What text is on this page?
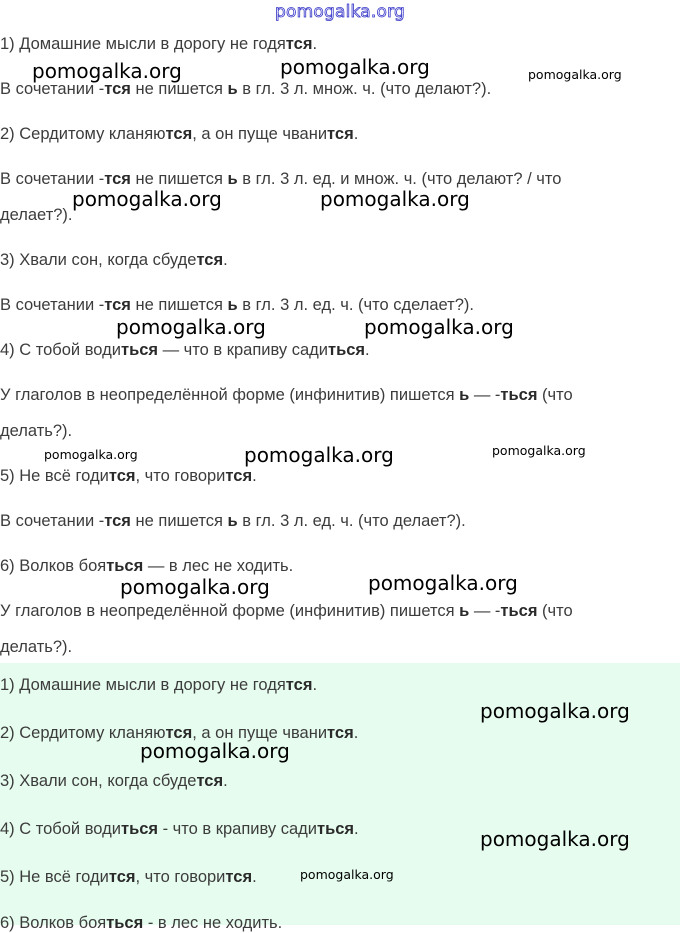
pomogalka.org
1) Домашние мысли в дорогу не годятся.
В сочетании -тся не пишется ь в гл. 3 л. множ. ч. (что делают?).
2) Сердитому кланяются, а он пуще чванится.
В сочетании -тся не пишется ь в гл. 3 л. ед. и множ. ч. (что делают? / что
делает?).
3) Хвали сон, когда сбудется.
В сочетании -тся не пишется ь в гл. 3 л. ед. ч. (что сделает?).
4) С тобой водиться — что в крапиву садиться.
У глаголов в неопределённой форме (инфинитив) пишется ь — -ться (что
делать?).
5) Не всё годится, что говорится.
В сочетании -тся не пишется ь в гл. 3 л. ед. ч. (что делает?).
6) Волков бояться — в лес не ходить.
У глаголов в неопределённой форме (инфинитив) пишется ь — -ться (что
делать?).
1) Домашние мысли в дорогу не годятся.
2) Сердитому кланяются, а он пуще чванится.
3) Хвали сон, когда сбудется.
4) С тобой водиться - что в крапиву садиться.
5) Не всё годится, что говорится.
6) Волков бояться - в лес не ходить.
pomogalka.org	pomogalka.org	pomogalka.org
pomogalka.org	pomogalka.org
pomogalka.org	pomogalka.org
pomogalka.org	pomogalka.org	pomogalka.org
pomogalka.org	pomogalka.org
pomogalka.org
pomogalka.org
pomogalka.org
pomogalka.org
